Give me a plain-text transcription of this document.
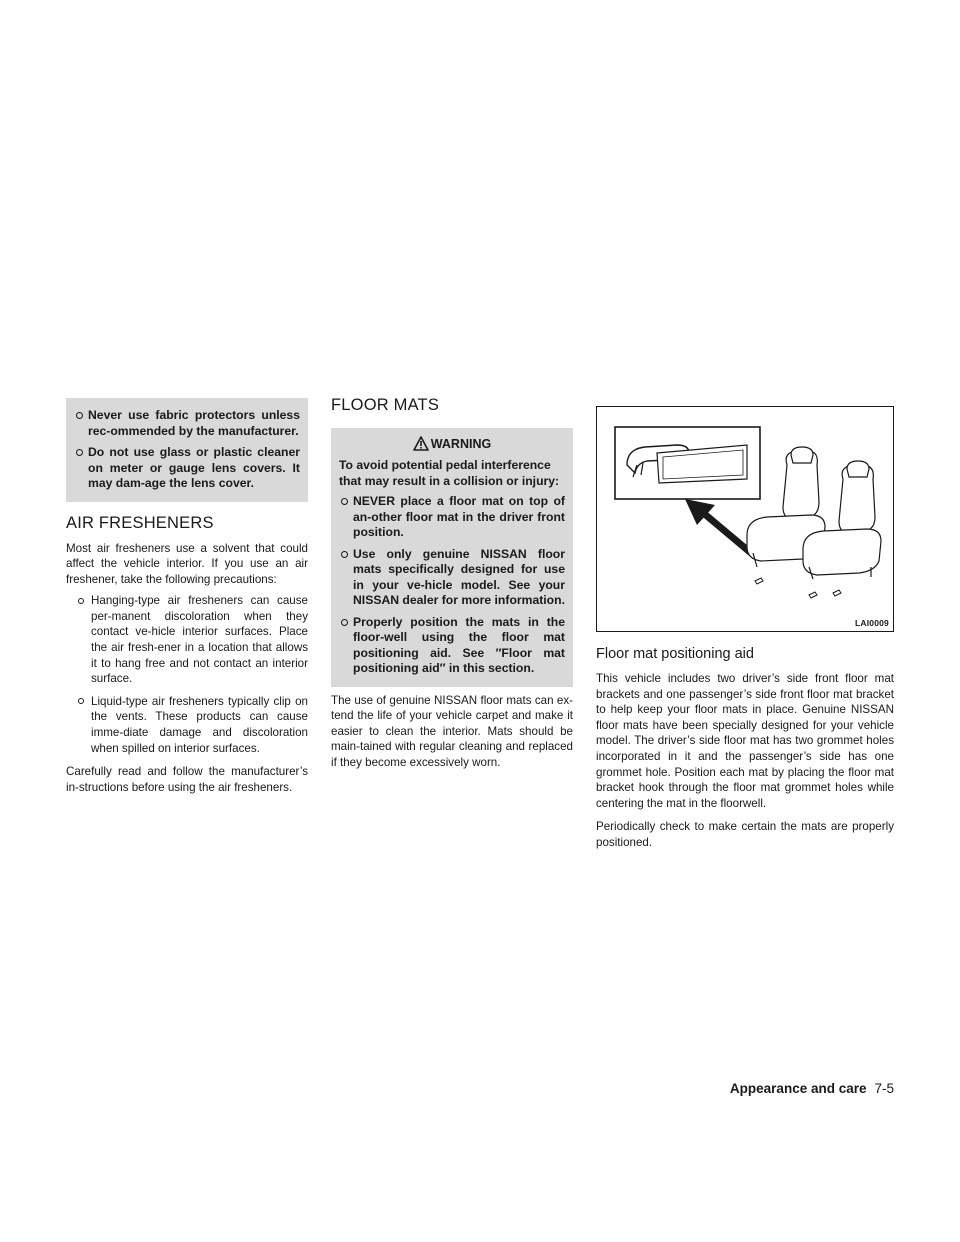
Never use fabric protectors unless rec-ommended by the manufacturer.
Do not use glass or plastic cleaner on meter or gauge lens covers. It may dam-age the lens cover.
AIR FRESHENERS

Most air fresheners use a solvent that could affect the vehicle interior. If you use an air freshener, take the following precautions:

Hanging-type air fresheners can cause per-manent discoloration when they contact ve-hicle interior surfaces. Place the air fresh-ener in a location that allows it to hang free and not contact an interior surface.
Liquid-type air fresheners typically clip on the vents. These products can cause imme-diate damage and discoloration when spilled on interior surfaces.

Carefully read and follow the manufacturer’s in-structions before using the air fresheners.

FLOOR MATS
WARNING

To avoid potential pedal interference that may result in a collision or injury:

NEVER place a floor mat on top of an-other floor mat in the driver front position.
Use only genuine NISSAN floor mats specifically designed for use in your ve-hicle model. See your NISSAN dealer for more information.
Properly position the mats in the floor-well using the floor mat positioning aid. See ″Floor mat positioning aid″ in this section.

The use of genuine NISSAN floor mats can ex-tend the life of your vehicle carpet and make it easier to clean the interior. Mats should be main-tained with regular cleaning and replaced if they become excessively worn.

LAI0009
Floor mat positioning aid

This vehicle includes two driver’s side front floor mat brackets and one passenger’s side front floor mat bracket to help keep your floor mats in place. Genuine NISSAN floor mats have been specially designed for your vehicle model. The driver’s side floor mat has two grommet holes incorporated in it and the passenger’s side has one grommet hole. Position each mat by placing the floor mat bracket hook through the floor mat grommet holes while centering the mat in the floorwell.

Periodically check to make certain the mats are properly positioned.

Appearance and care 7-5
